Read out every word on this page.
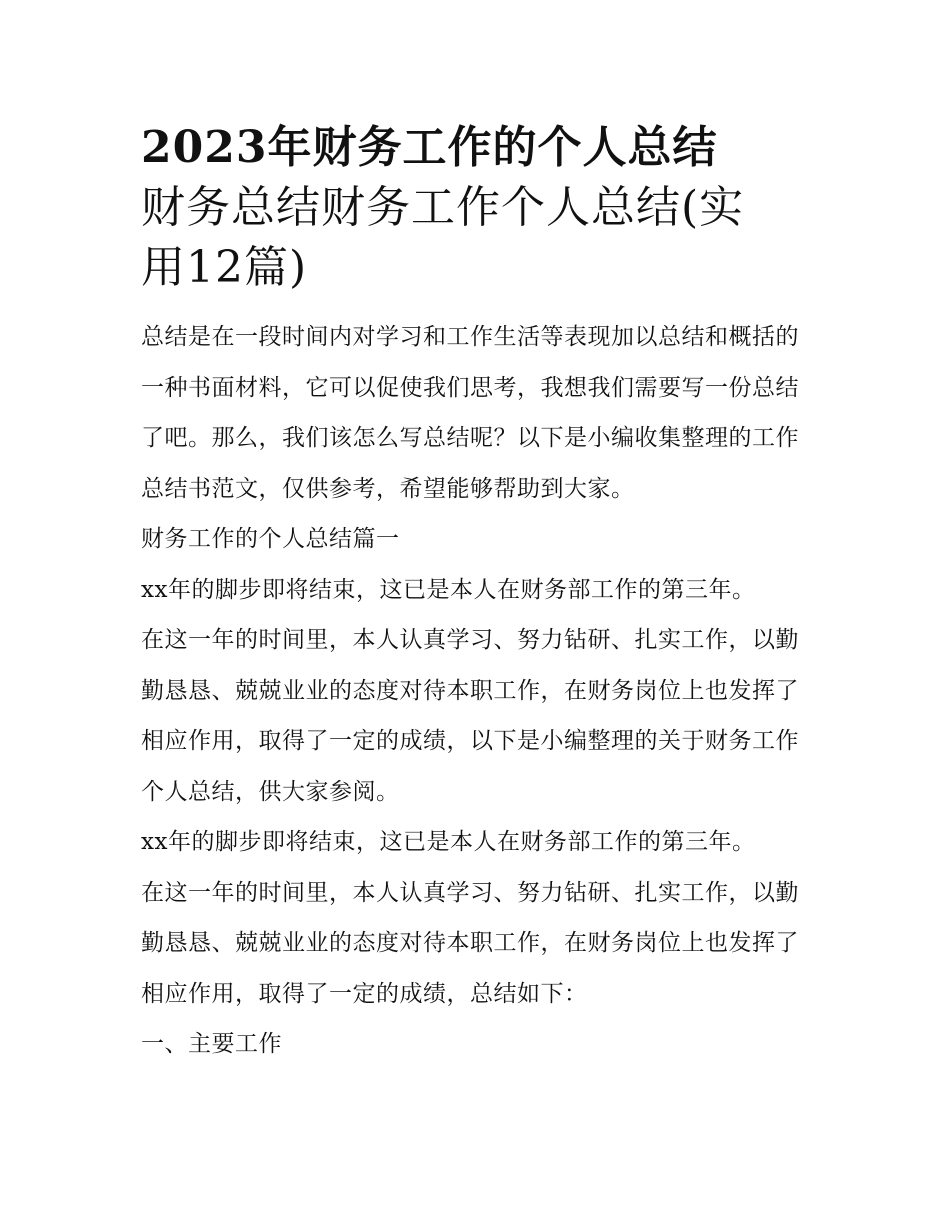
2023年财务工作的个人总结
财务总结财务工作个人总结(实
用12篇)

总结是在一段时间内对学习和工作生活等表现加以总结和概括的一种书面材料，它可以促使我们思考，我想我们需要写一份总结了吧。那么，我们该怎么写总结呢？以下是小编收集整理的工作总结书范文，仅供参考，希望能够帮助到大家。

财务工作的个人总结篇一

xx年的脚步即将结束，这已是本人在财务部工作的第三年。

在这一年的时间里，本人认真学习、努力钻研、扎实工作，以勤勤恳恳、兢兢业业的态度对待本职工作，在财务岗位上也发挥了相应作用，取得了一定的成绩，以下是小编整理的关于财务工作个人总结，供大家参阅。

xx年的脚步即将结束，这已是本人在财务部工作的第三年。

在这一年的时间里，本人认真学习、努力钻研、扎实工作，以勤勤恳恳、兢兢业业的态度对待本职工作，在财务岗位上也发挥了相应作用，取得了一定的成绩，总结如下：

一、主要工作
